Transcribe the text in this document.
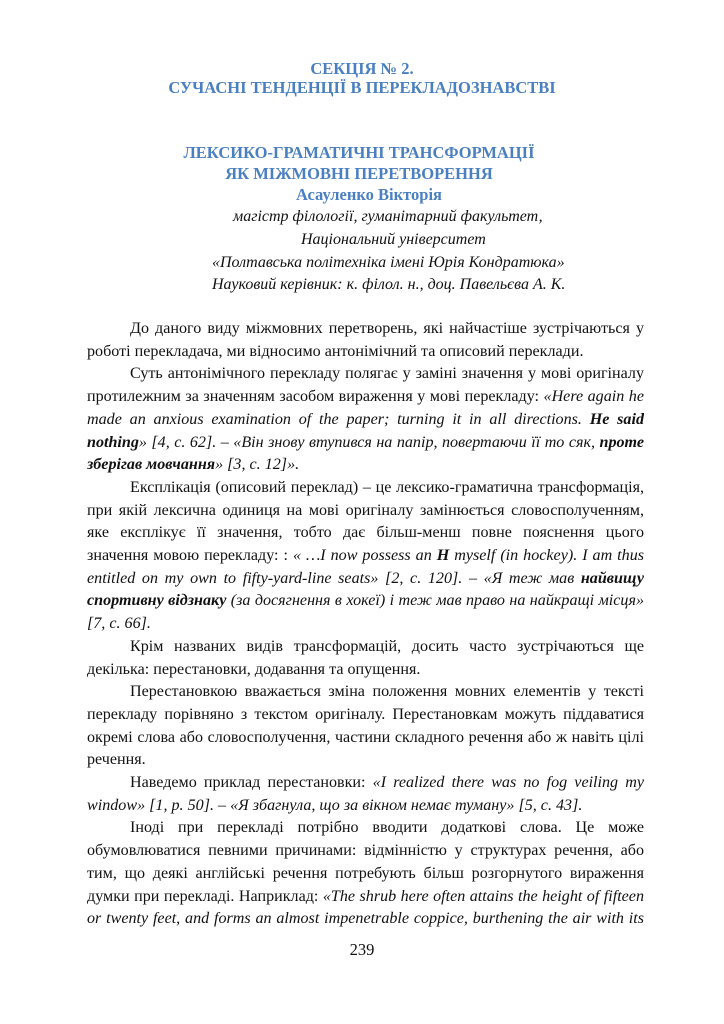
СЕКЦІЯ № 2.
СУЧАСНІ ТЕНДЕНЦІЇ В ПЕРЕКЛАДОЗНАВСТВІ
ЛЕКСИКО-ГРАМАТИЧНІ ТРАНСФОРМАЦІЇ
ЯК МІЖМОВНІ ПЕРЕТВОРЕННЯ
Асауленко Вікторія
магістр філології, гуманітарний факультет,
Національний університет
«Полтавська політехніка імені Юрія Кондратюка»
Науковий керівник: к. філол. н., доц. Павельєва А. К.

До даного виду міжмовних перетворень, які найчастіше зустрічаються у роботі перекладача, ми відносимо антонімічний та описовий переклади.

Суть антонімічного перекладу полягає у заміні значення у мові оригіналу протилежним за значенням засобом вираження у мові перекладу: «Here again he made an anxious examination of the paper; turning it in all directions. He said nothing» [4, c. 62]. – «Він знову втупився на папір, повертаючи її то сяк, проте зберігав мовчання» [3, с. 12]».

Експлікація (описовий переклад) – це лексико-граматична трансформація, при якій лексична одиниця на мові оригіналу замінюється словосполученням, яке експлікує її значення, тобто дає більш-менш повне пояснення цього значення мовою перекладу: : « …I now possess an H myself (in hockey). I am thus entitled on my own to fifty-yard-line seats» [2, c. 120]. – «Я теж мав найвищу спортивну відзнаку (за досягнення в хокеї) і теж мав право на найкращі місця» [7, c. 66].

Крім названих видів трансформацій, досить часто зустрічаються ще декілька: перестановки, додавання та опущення.

Перестановкою вважається зміна положення мовних елементів у тексті перекладу порівняно з текстом оригіналу. Перестановкам можуть піддаватися окремі слова або словосполучення, частини складного речення або ж навіть цілі речення.

Наведемо приклад перестановки: «I realized there was no fog veiling my window» [1, p. 50]. – «Я збагнула, що за вікном немає туману» [5, с. 43].

Іноді при перекладі потрібно вводити додаткові слова. Це може обумовлюватися певними причинами: відмінністю у структурах речення, або тим, що деякі англійські речення потребують більш розгорнутого вираження думки при перекладі. Наприклад: «The shrub here often attains the height of fifteen or twenty feet, and forms an almost impenetrable coppice, burthening the air with its

239
